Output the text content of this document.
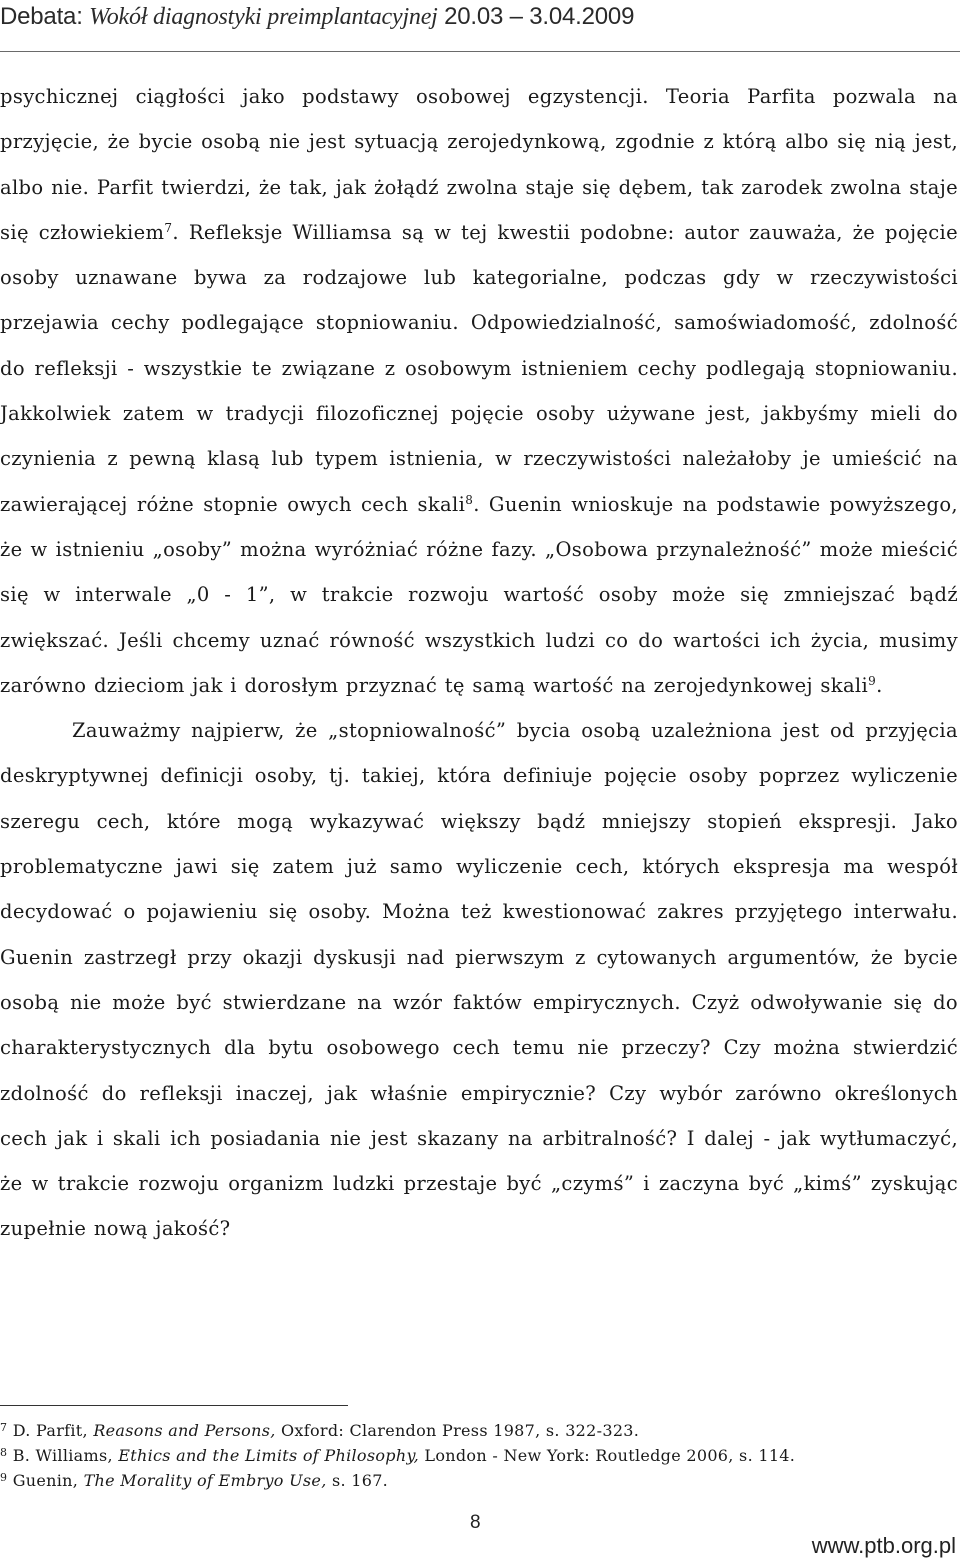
Debata: Wokół diagnostyki preimplantacyjnej 20.03 – 3.04.2009

psychicznej ciągłości jako podstawy osobowej egzystencji. Teoria Parfita pozwala na przyjęcie, że bycie osobą nie jest sytuacją zerojedynkową, zgodnie z którą albo się nią jest, albo nie. Parfit twierdzi, że tak, jak żołądź zwolna staje się dębem, tak zarodek zwolna staje się człowiekiem$^7$. Refleksje Williamsa są w tej kwestii podobne: autor zauważa, że pojęcie osoby uznawane bywa za rodzajowe lub kategorialne, podczas gdy w rzeczywistości przejawia cechy podlegające stopniowaniu. Odpowiedzialność, samoświadomość, zdolność do refleksji - wszystkie te związane z osobowym istnieniem cechy podlegają stopniowaniu. Jakkolwiek zatem w tradycji filozoficznej pojęcie osoby używane jest, jakbyśmy mieli do czynienia z pewną klasą lub typem istnienia, w rzeczywistości należałoby je umieścić na zawierającej różne stopnie owych cech skali$^8$. Guenin wnioskuje na podstawie powyższego, że w istnieniu „osoby” można wyróżniać różne fazy. „Osobowa przynależność” może mieścić się w interwale „0 - 1”, w trakcie rozwoju wartość osoby może się zmniejszać bądź zwiększać. Jeśli chcemy uznać równość wszystkich ludzi co do wartości ich życia, musimy zarówno dzieciom jak i dorosłym przyznać tę samą wartość na zerojedynkowej skali$^9$.

Zauważmy najpierw, że „stopniowalność” bycia osobą uzależniona jest od przyjęcia deskryptywnej definicji osoby, tj. takiej, która definiuje pojęcie osoby poprzez wyliczenie szeregu cech, które mogą wykazywać większy bądź mniejszy stopień ekspresji. Jako problematyczne jawi się zatem już samo wyliczenie cech, których ekspresja ma wespół decydować o pojawieniu się osoby. Można też kwestionować zakres przyjętego interwału. Guenin zastrzegł przy okazji dyskusji nad pierwszym z cytowanych argumentów, że bycie osobą nie może być stwierdzane na wzór faktów empirycznych. Czyż odwoływanie się do charakterystycznych dla bytu osobowego cech temu nie przeczy? Czy można stwierdzić zdolność do refleksji inaczej, jak właśnie empirycznie? Czy wybór zarówno określonych cech jak i skali ich posiadania nie jest skazany na arbitralność? I dalej - jak wytłumaczyć, że w trakcie rozwoju organizm ludzki przestaje być „czymś” i zaczyna być „kimś” zyskując zupełnie nową jakość?

$^7$ D. Parfit, Reasons and Persons, Oxford: Clarendon Press 1987, s. 322-323.
$^8$ B. Williams, Ethics and the Limits of Philosophy, London - New York: Routledge 2006, s. 114.
$^9$ Guenin, The Morality of Embryo Use, s. 167.
8
www.ptb.org.pl
